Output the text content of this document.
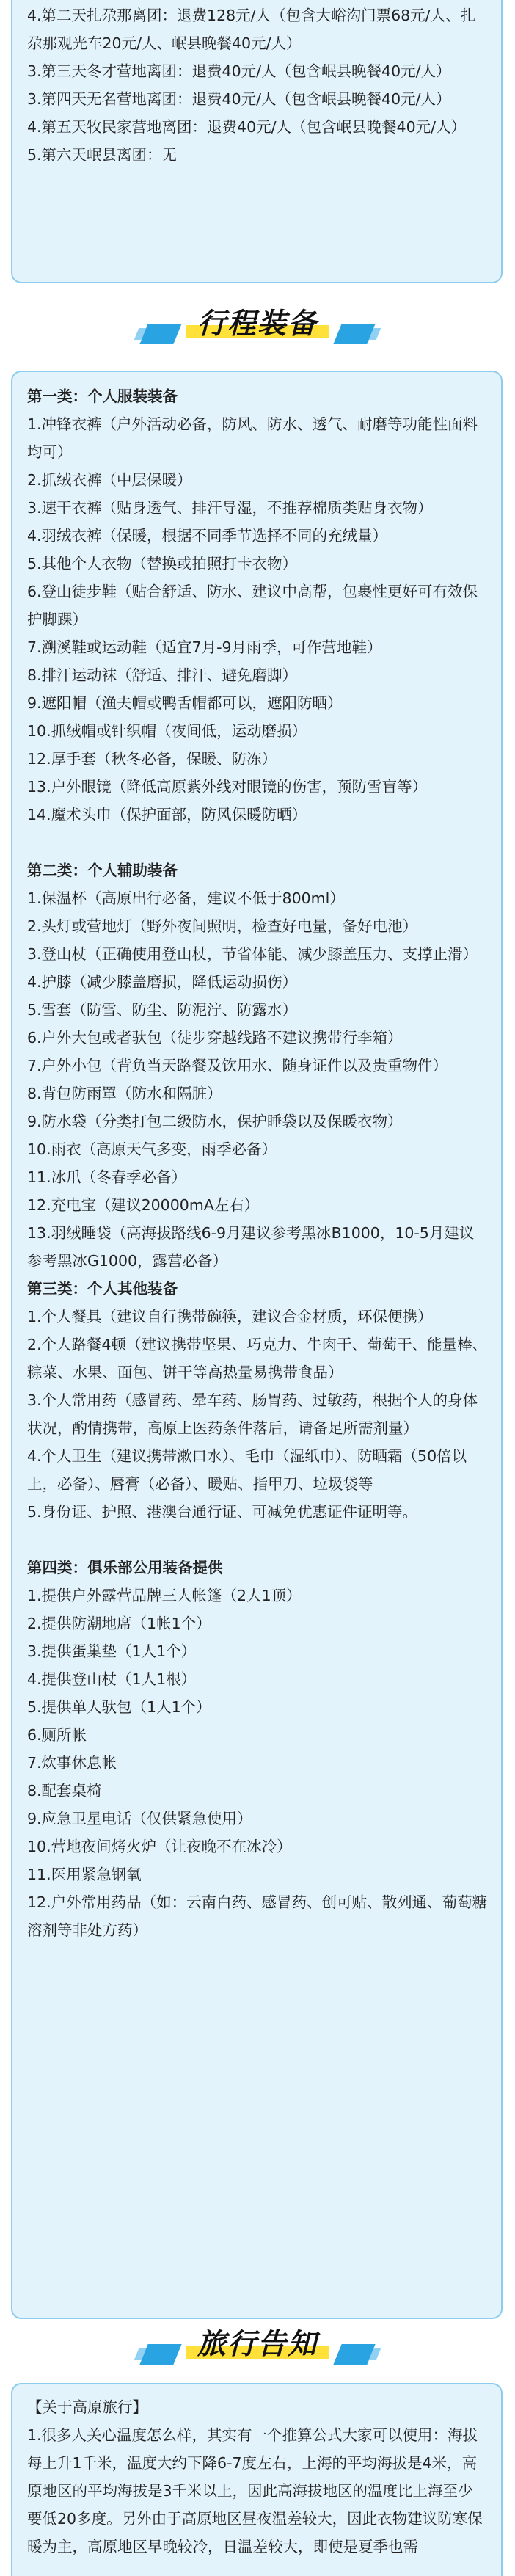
4.第二天扎尕那离团：退费128元/人（包含大峪沟门票68元/人、扎尕那观光车20元/人、岷县晚餐40元/人）
3.第三天冬才营地离团：退费40元/人（包含岷县晚餐40元/人）
3.第四天无名营地离团：退费40元/人（包含岷县晚餐40元/人）
4.第五天牧民家营地离团：退费40元/人（包含岷县晚餐40元/人）
5.第六天岷县离团：无
行程装备
第一类：个人服装装备
1.冲锋衣裤（户外活动必备，防风、防水、透气、耐磨等功能性面料均可）
2.抓绒衣裤（中层保暖）
3.速干衣裤（贴身透气、排汗导湿，不推荐棉质类贴身衣物）
4.羽绒衣裤（保暖，根据不同季节选择不同的充绒量）
5.其他个人衣物（替换或拍照打卡衣物）
6.登山徒步鞋（贴合舒适、防水、建议中高帮，包裹性更好可有效保护脚踝）
7.溯溪鞋或运动鞋（适宜7月-9月雨季，可作营地鞋）
8.排汗运动袜（舒适、排汗、避免磨脚）
9.遮阳帽（渔夫帽或鸭舌帽都可以，遮阳防晒）
10.抓绒帽或针织帽（夜间低，运动磨损）
12.厚手套（秋冬必备，保暖、防冻）
13.户外眼镜（降低高原紫外线对眼镜的伤害，预防雪盲等）
14.魔术头巾（保护面部，防风保暖防晒）
第二类：个人辅助装备
1.保温杯（高原出行必备，建议不低于800ml）
2.头灯或营地灯（野外夜间照明，检查好电量，备好电池）
3.登山杖（正确使用登山杖，节省体能、减少膝盖压力、支撑止滑）
4.护膝（减少膝盖磨损，降低运动损伤）
5.雪套（防雪、防尘、防泥泞、防露水）
6.户外大包或者驮包（徒步穿越线路不建议携带行李箱）
7.户外小包（背负当天路餐及饮用水、随身证件以及贵重物件）
8.背包防雨罩（防水和隔脏）
9.防水袋（分类打包二级防水，保护睡袋以及保暖衣物）
10.雨衣（高原天气多变，雨季必备）
11.冰爪（冬春季必备）
12.充电宝（建议20000mA左右）
13.羽绒睡袋（高海拔路线6-9月建议参考黑冰B1000，10-5月建议参考黑冰G1000，露营必备）
第三类：个人其他装备
1.个人餐具（建议自行携带碗筷，建议合金材质，环保便携）
2.个人路餐4顿（建议携带坚果、巧克力、牛肉干、葡萄干、能量棒、粽菜、水果、面包、饼干等高热量易携带食品）
3.个人常用药（感冒药、晕车药、肠胃药、过敏药，根据个人的身体状况，酌情携带，高原上医药条件落后，请备足所需剂量）
4.个人卫生（建议携带漱口水）、毛巾（湿纸巾）、防晒霜（50倍以上，必备）、唇膏（必备）、暖贴、指甲刀、垃圾袋等
5.身份证、护照、港澳台通行证、可减免优惠证件证明等。
第四类：俱乐部公用装备提供
1.提供户外露营品牌三人帐篷（2人1顶）
2.提供防潮地席（1帐1个）
3.提供蛋巢垫（1人1个）
4.提供登山杖（1人1根）
5.提供单人驮包（1人1个）
6.厕所帐
7.炊事休息帐
8.配套桌椅
9.应急卫星电话（仅供紧急使用）
10.营地夜间烤火炉（让夜晚不在冰冷）
11.医用紧急钢氧
12.户外常用药品（如：云南白药、感冒药、创可贴、散列通、葡萄糖溶剂等非处方药）
旅行告知
【关于高原旅行】
1.很多人关心温度怎么样，其实有一个推算公式大家可以使用：海拔每上升1千米，温度大约下降6-7度左右，上海的平均海拔是4米，高原地区的平均海拔是3千米以上，因此高海拔地区的温度比上海至少要低20多度。另外由于高原地区昼夜温差较大，因此衣物建议防寒保暖为主，高原地区早晚较冷，日温差较大，即使是夏季也需
